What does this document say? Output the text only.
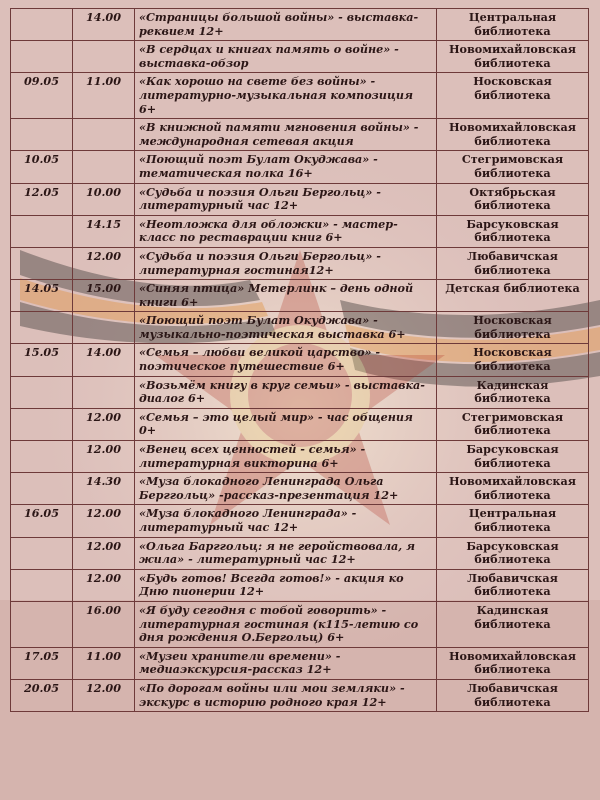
	14.00	«Страницы большой войны» - выставка-реквием 12+	Центральная библиотека
		«В сердцах и книгах память о войне» - выставка-обзор	Новомихайловская библиотека
09.05	11.00	«Как хорошо на свете без войны» - литературно-музыкальная композиция 6+	Носковская библиотека
		«В книжной памяти мгновения войны» - международная сетевая акция	Новомихайловская библиотека
10.05		«Поющий поэт Булат Окуджава» - тематическая полка 16+	Стегримовская библиотека
12.05	10.00	«Судьба и поэзия Ольги Бергольц» - литературный час 12+	Октябрьская библиотека
	14.15	«Неотложка для обложки» - мастер-класс по реставрации книг 6+	Барсуковская библиотека
	12.00	«Судьба и поэзия Ольги Бергольц» - литературная гостиная12+	Любавичская библиотека
14.05	15.00	«Синяя птица» Метерлинк – день одной книги 6+	Детская библиотека
		«Поющий поэт Булат Окуджава» - музыкально-поэтическая выставка 6+	Носковская библиотека
15.05	14.00	«Семья – любви великой царство» - поэтическое путешествие 6+	Носковская библиотека
		«Возьмём книгу в круг семьи» - выставка-диалог 6+	Кадинская библиотека
	12.00	«Семья – это целый мир» - час общения 0+	Стегримовская библиотека
	12.00	«Венец всех ценностей - семья» - литературная викторина 6+	Барсуковская библиотека
	14.30	«Муза блокадного Ленинграда Ольга Берггольц» -рассказ-презентация 12+	Новомихайловская библиотека
16.05	12.00	«Муза блокадного Ленинграда» - литературный час 12+	Центральная библиотека
	12.00	«Ольга Барггольц: я не геройствовала, я жила» - литературный час 12+	Барсуковская библиотека
	12.00	«Будь готов! Всегда готов!» - акция ко Дню пионерии 12+	Любавичская библиотека
	16.00	«Я буду сегодня с тобой говорить» - литературная гостиная (к115-летию со дня рождения О.Бергольц) 6+	Кадинская библиотека
17.05	11.00	«Музеи хранители времени» - медиаэкскурсия-рассказ 12+	Новомихайловская библиотека
20.05	12.00	«По дорогам войны или мои земляки» - экскурс в историю родного края 12+	Любавичская библиотека
